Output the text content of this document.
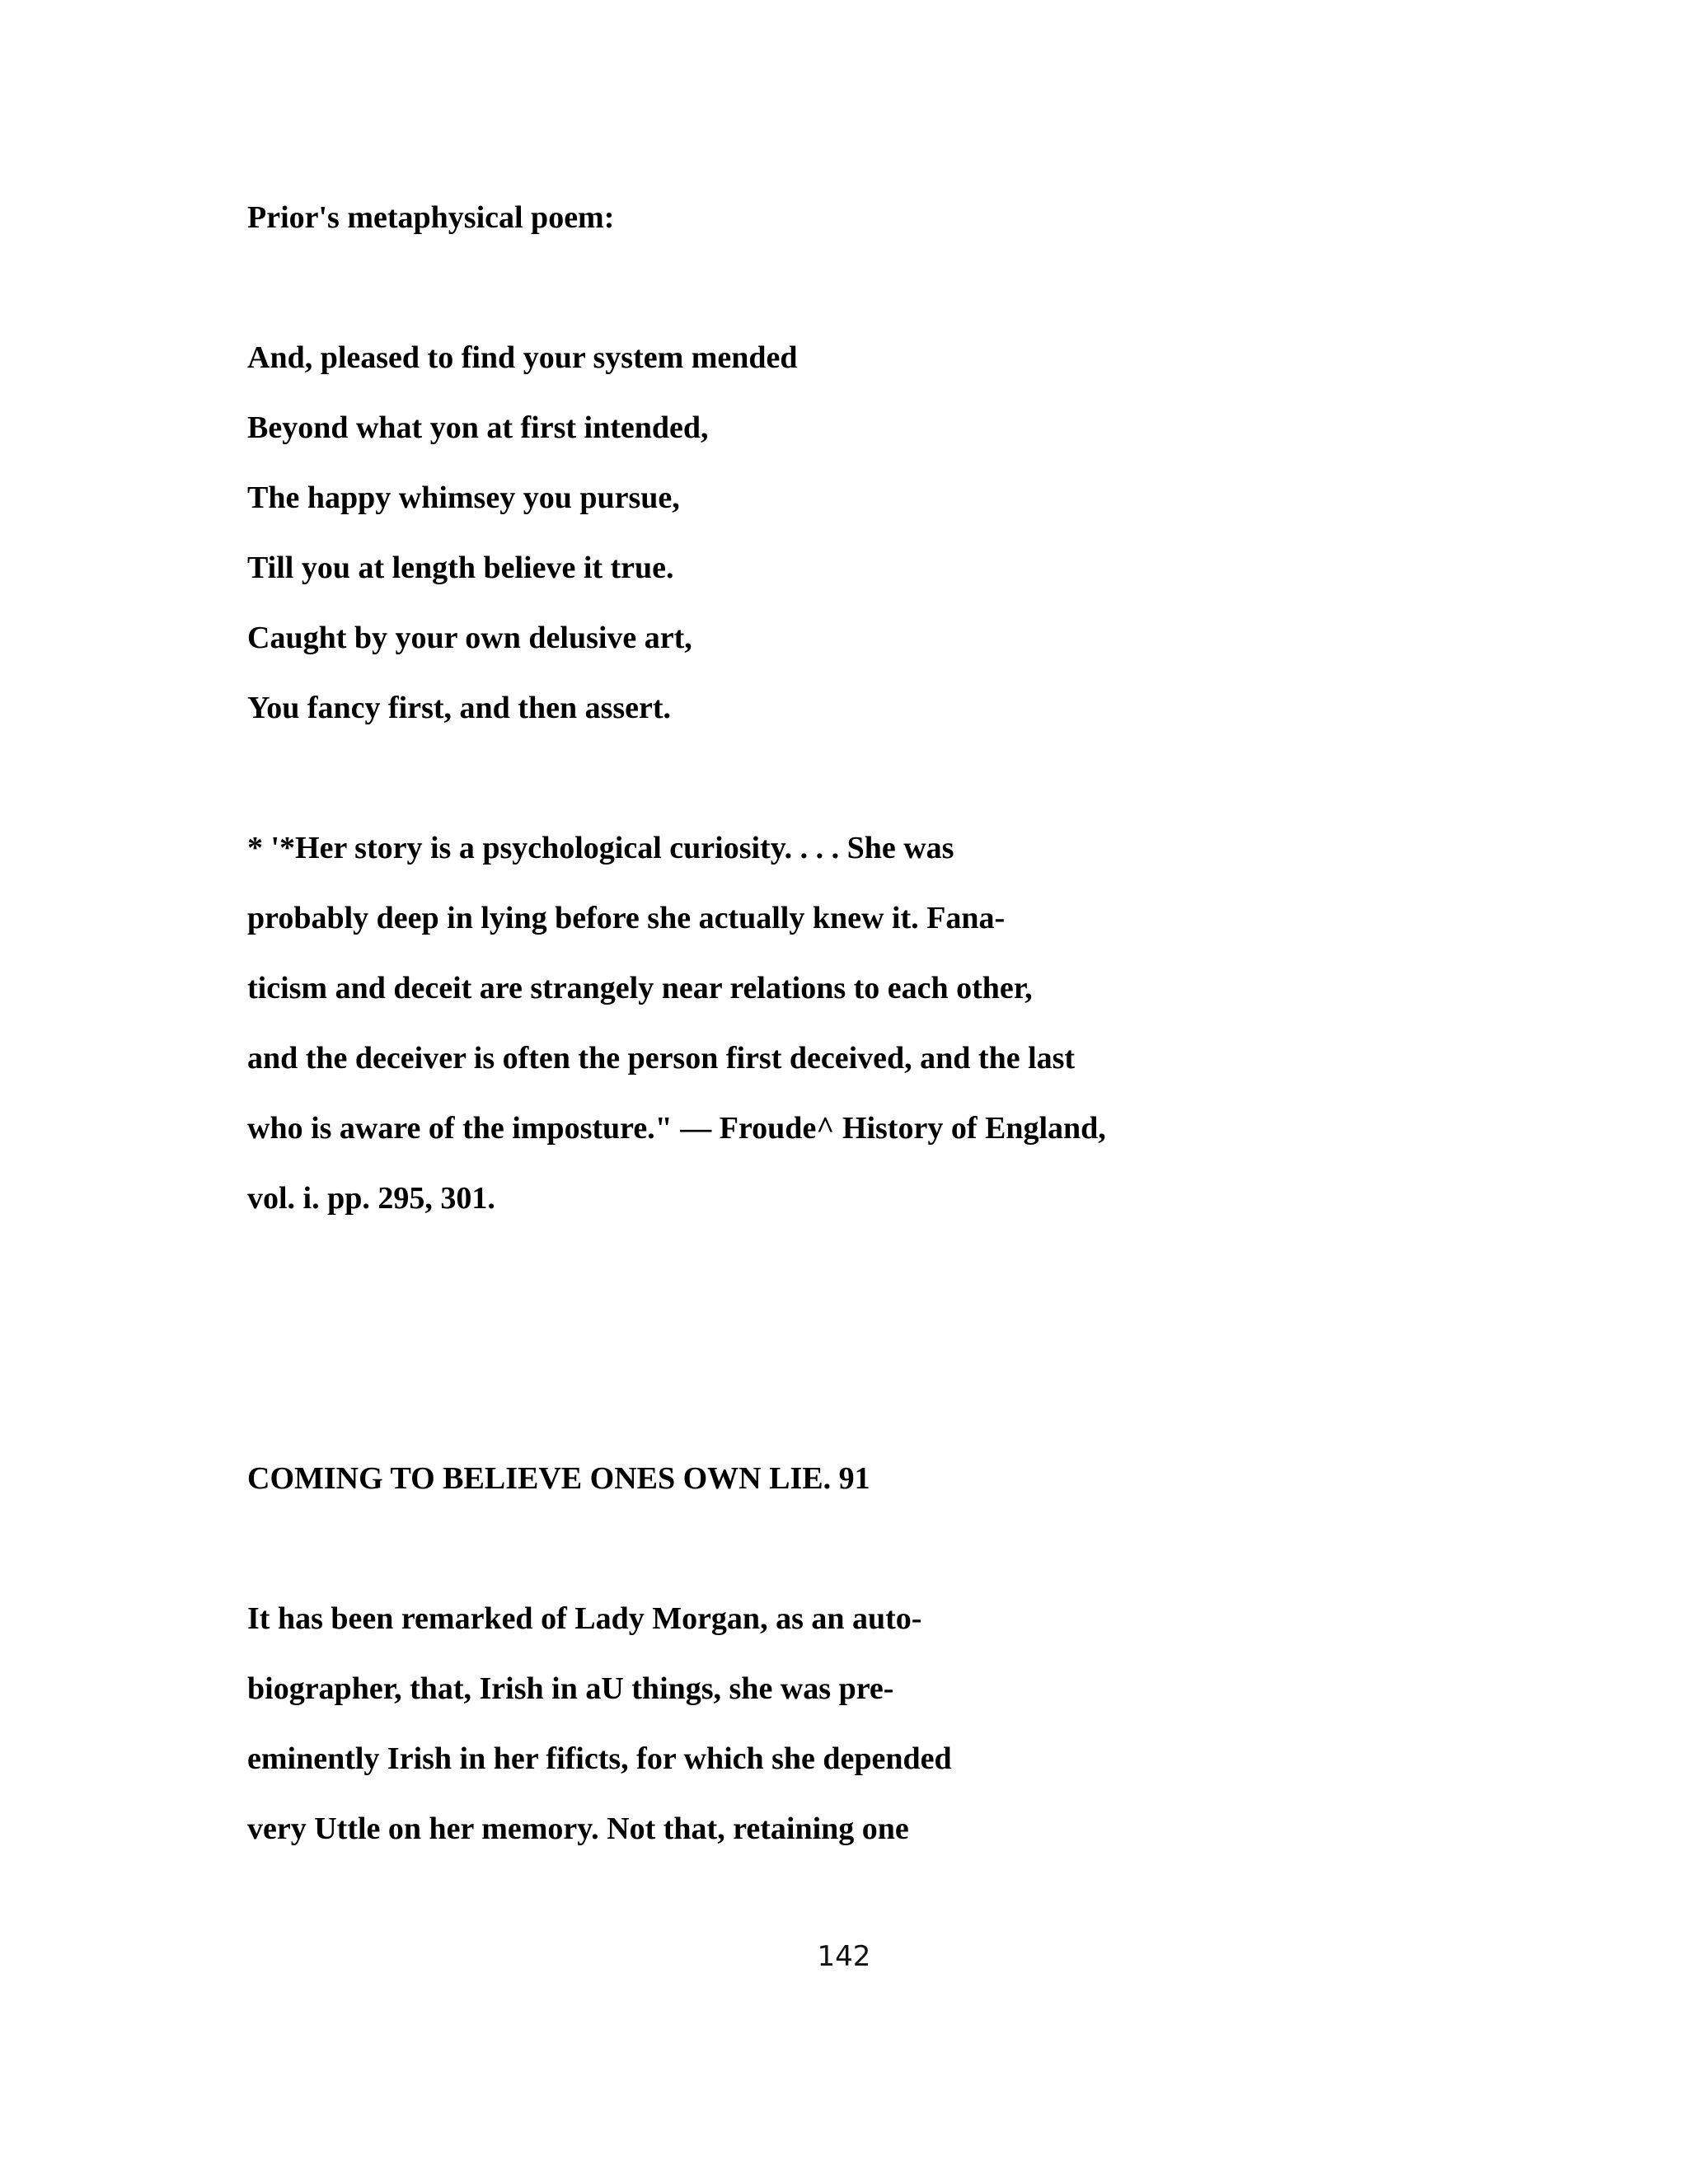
Prior's metaphysical poem:

And, pleased to find your system mended

Beyond what yon at first intended,

The happy whimsey you pursue,

Till you at length believe it true.

Caught by your own delusive art,

You fancy first, and then assert.

* '*Her story is a psychological curiosity. . . . She was

probably deep in lying before she actually knew it. Fana-

ticism and deceit are strangely near relations to each other,

and the deceiver is often the person first deceived, and the last

who is aware of the imposture." — Froude^ History of England,

vol. i. pp. 295, 301.

COMING TO BELIEVE ONES OWN LIE. 91

It has been remarked of Lady Morgan, as an auto-

biographer, that, Irish in aU things, she was pre-

eminently Irish in her fificts, for which she depended

very Uttle on her memory. Not that, retaining one

142
